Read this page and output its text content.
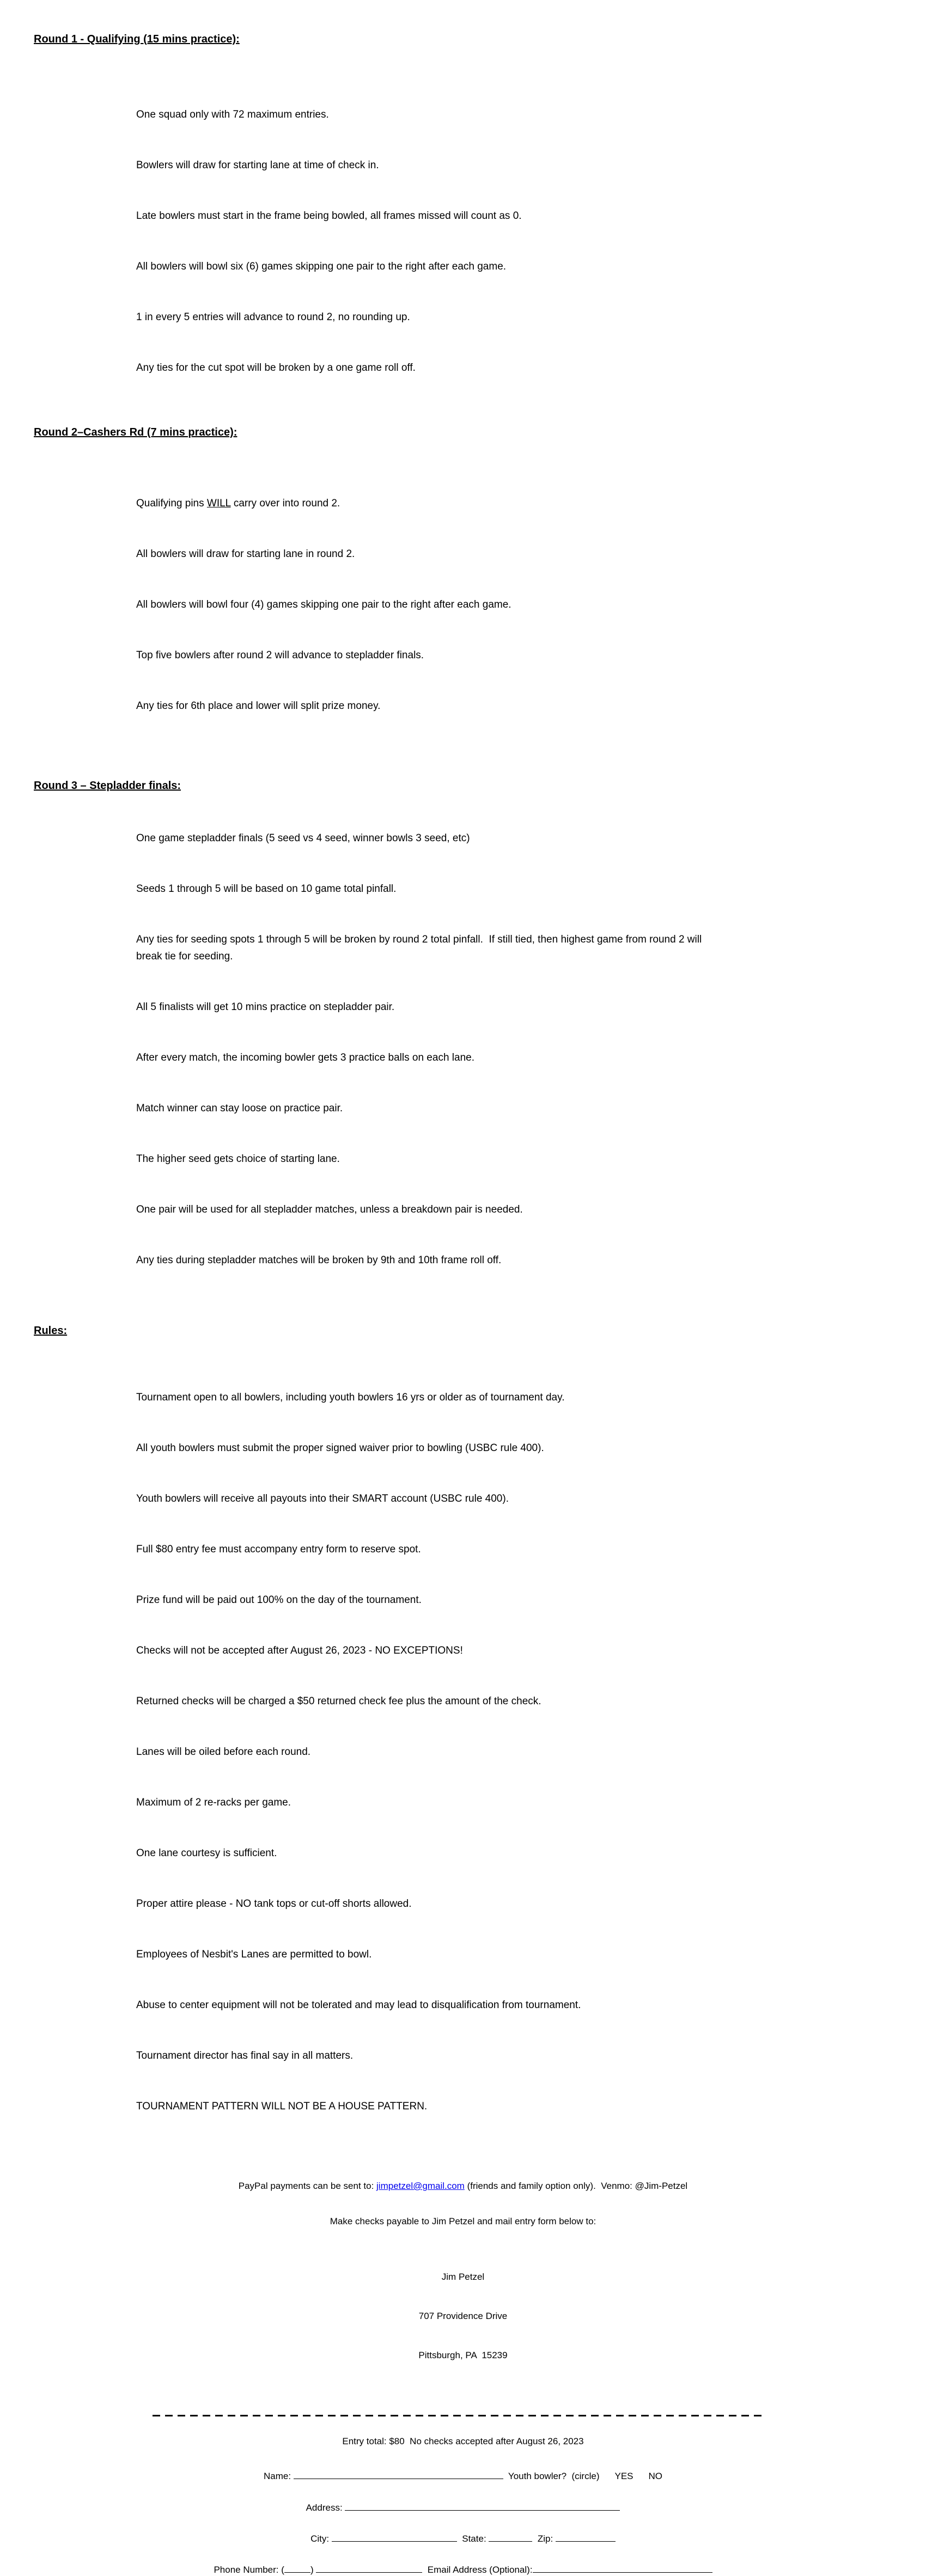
Round 1 - Qualifying (15 mins practice):

One squad only with 72 maximum entries.

Bowlers will draw for starting lane at time of check in.

Late bowlers must start in the frame being bowled, all frames missed will count as 0.

All bowlers will bowl six (6) games skipping one pair to the right after each game.

1 in every 5 entries will advance to round 2, no rounding up.

Any ties for the cut spot will be broken by a one game roll off.

Round 2–Cashers Rd (7 mins practice):

Qualifying pins WILL carry over into round 2.

All bowlers will draw for starting lane in round 2.

All bowlers will bowl four (4) games skipping one pair to the right after each game.

Top five bowlers after round 2 will advance to stepladder finals.

Any ties for 6th place and lower will split prize money.

Round 3 – Stepladder finals:

One game stepladder finals (5 seed vs 4 seed, winner bowls 3 seed, etc)

Seeds 1 through 5 will be based on 10 game total pinfall.

Any ties for seeding spots 1 through 5 will be broken by round 2 total pinfall.  If still tied, then highest game from round 2 will break tie for seeding.

All 5 finalists will get 10 mins practice on stepladder pair.

After every match, the incoming bowler gets 3 practice balls on each lane.

Match winner can stay loose on practice pair.

The higher seed gets choice of starting lane.

One pair will be used for all stepladder matches, unless a breakdown pair is needed.

Any ties during stepladder matches will be broken by 9th and 10th frame roll off.

Rules:

Tournament open to all bowlers, including youth bowlers 16 yrs or older as of tournament day.

All youth bowlers must submit the proper signed waiver prior to bowling (USBC rule 400).

Youth bowlers will receive all payouts into their SMART account (USBC rule 400).

Full $80 entry fee must accompany entry form to reserve spot.

Prize fund will be paid out 100% on the day of the tournament.

Checks will not be accepted after August 26, 2023 - NO EXCEPTIONS!

Returned checks will be charged a $50 returned check fee plus the amount of the check.

Lanes will be oiled before each round.

Maximum of 2 re-racks per game.

One lane courtesy is sufficient.

Proper attire please - NO tank tops or cut-off shorts allowed.

Employees of Nesbit's Lanes are permitted to bowl.

Abuse to center equipment will not be tolerated and may lead to disqualification from tournament.

Tournament director has final say in all matters.

TOURNAMENT PATTERN WILL NOT BE A HOUSE PATTERN.

PayPal payments can be sent to: jimpetzel@gmail.com (friends and family option only).  Venmo: @Jim-Petzel
Make checks payable to Jim Petzel and mail entry form below to:

Jim Petzel

707 Providence Drive

Pittsburgh, PA  15239

Entry total: $80  No checks accepted after August 26, 2023
Name:	Youth bowler?  (circle) YES NO
Address:
City:	State:	Zip:
Phone Number: (	)	Email Address (Optional):
